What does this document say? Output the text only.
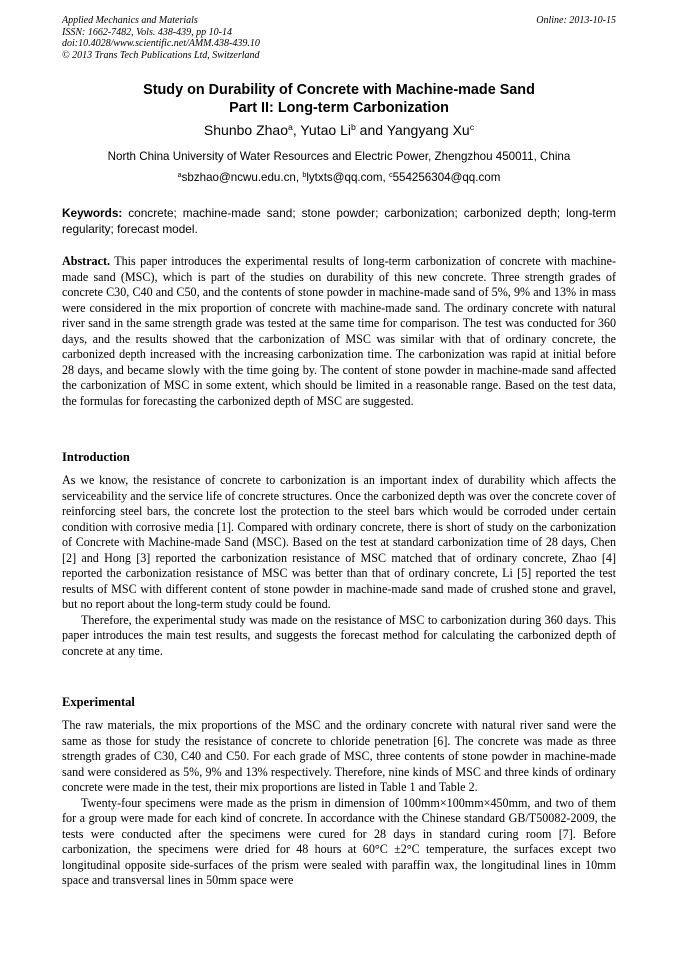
Applied Mechanics and Materials
ISSN: 1662-7482, Vols. 438-439, pp 10-14
doi:10.4028/www.scientific.net/AMM.438-439.10
© 2013 Trans Tech Publications Ltd, Switzerland
Online: 2013-10-15
Study on Durability of Concrete with Machine-made Sand
Part II: Long-term Carbonization
Shunbo Zhao$^a$, Yutao Li$^b$ and Yangyang Xu$^c$
North China University of Water Resources and Electric Power, Zhengzhou 450011, China
$^a$sbzhao@ncwu.edu.cn, $^b$lytxts@qq.com, $^c$554256304@qq.com
Keywords: concrete; machine-made sand; stone powder; carbonization; carbonized depth; long-term regularity; forecast model.

Abstract. This paper introduces the experimental results of long-term carbonization of concrete with machine-made sand (MSC), which is part of the studies on durability of this new concrete. Three strength grades of concrete C30, C40 and C50, and the contents of stone powder in machine-made sand of 5%, 9% and 13% in mass were considered in the mix proportion of concrete with machine-made sand. The ordinary concrete with natural river sand in the same strength grade was tested at the same time for comparison. The test was conducted for 360 days, and the results showed that the carbonization of MSC was similar with that of ordinary concrete, the carbonized depth increased with the increasing carbonization time. The carbonization was rapid at initial before 28 days, and became slowly with the time going by. The content of stone powder in machine-made sand affected the carbonization of MSC in some extent, which should be limited in a reasonable range. Based on the test data, the formulas for forecasting the carbonized depth of MSC are suggested.

Introduction

As we know, the resistance of concrete to carbonization is an important index of durability which affects the serviceability and the service life of concrete structures. Once the carbonized depth was over the concrete cover of reinforcing steel bars, the concrete lost the protection to the steel bars which would be corroded under certain condition with corrosive media [1]. Compared with ordinary concrete, there is short of study on the carbonization of Concrete with Machine-made Sand (MSC). Based on the test at standard carbonization time of 28 days, Chen [2] and Hong [3] reported the carbonization resistance of MSC matched that of ordinary concrete, Zhao [4] reported the carbonization resistance of MSC was better than that of ordinary concrete, Li [5] reported the test results of MSC with different content of stone powder in machine-made sand made of crushed stone and gravel, but no report about the long-term study could be found.

Therefore, the experimental study was made on the resistance of MSC to carbonization during 360 days. This paper introduces the main test results, and suggests the forecast method for calculating the carbonized depth of concrete at any time.

Experimental

The raw materials, the mix proportions of the MSC and the ordinary concrete with natural river sand were the same as those for study the resistance of concrete to chloride penetration [6]. The concrete was made as three strength grades of C30, C40 and C50. For each grade of MSC, three contents of stone powder in machine-made sand were considered as 5%, 9% and 13% respectively. Therefore, nine kinds of MSC and three kinds of ordinary concrete were made in the test, their mix proportions are listed in Table 1 and Table 2.

Twenty-four specimens were made as the prism in dimension of 100mm×100mm×450mm, and two of them for a group were made for each kind of concrete. In accordance with the Chinese standard GB/T50082-2009, the tests were conducted after the specimens were cured for 28 days in standard curing room [7]. Before carbonization, the specimens were dried for 48 hours at 60°C ±2°C temperature, the surfaces except two longitudinal opposite side-surfaces of the prism were sealed with paraffin wax, the longitudinal lines in 10mm space and transversal lines in 50mm space were
